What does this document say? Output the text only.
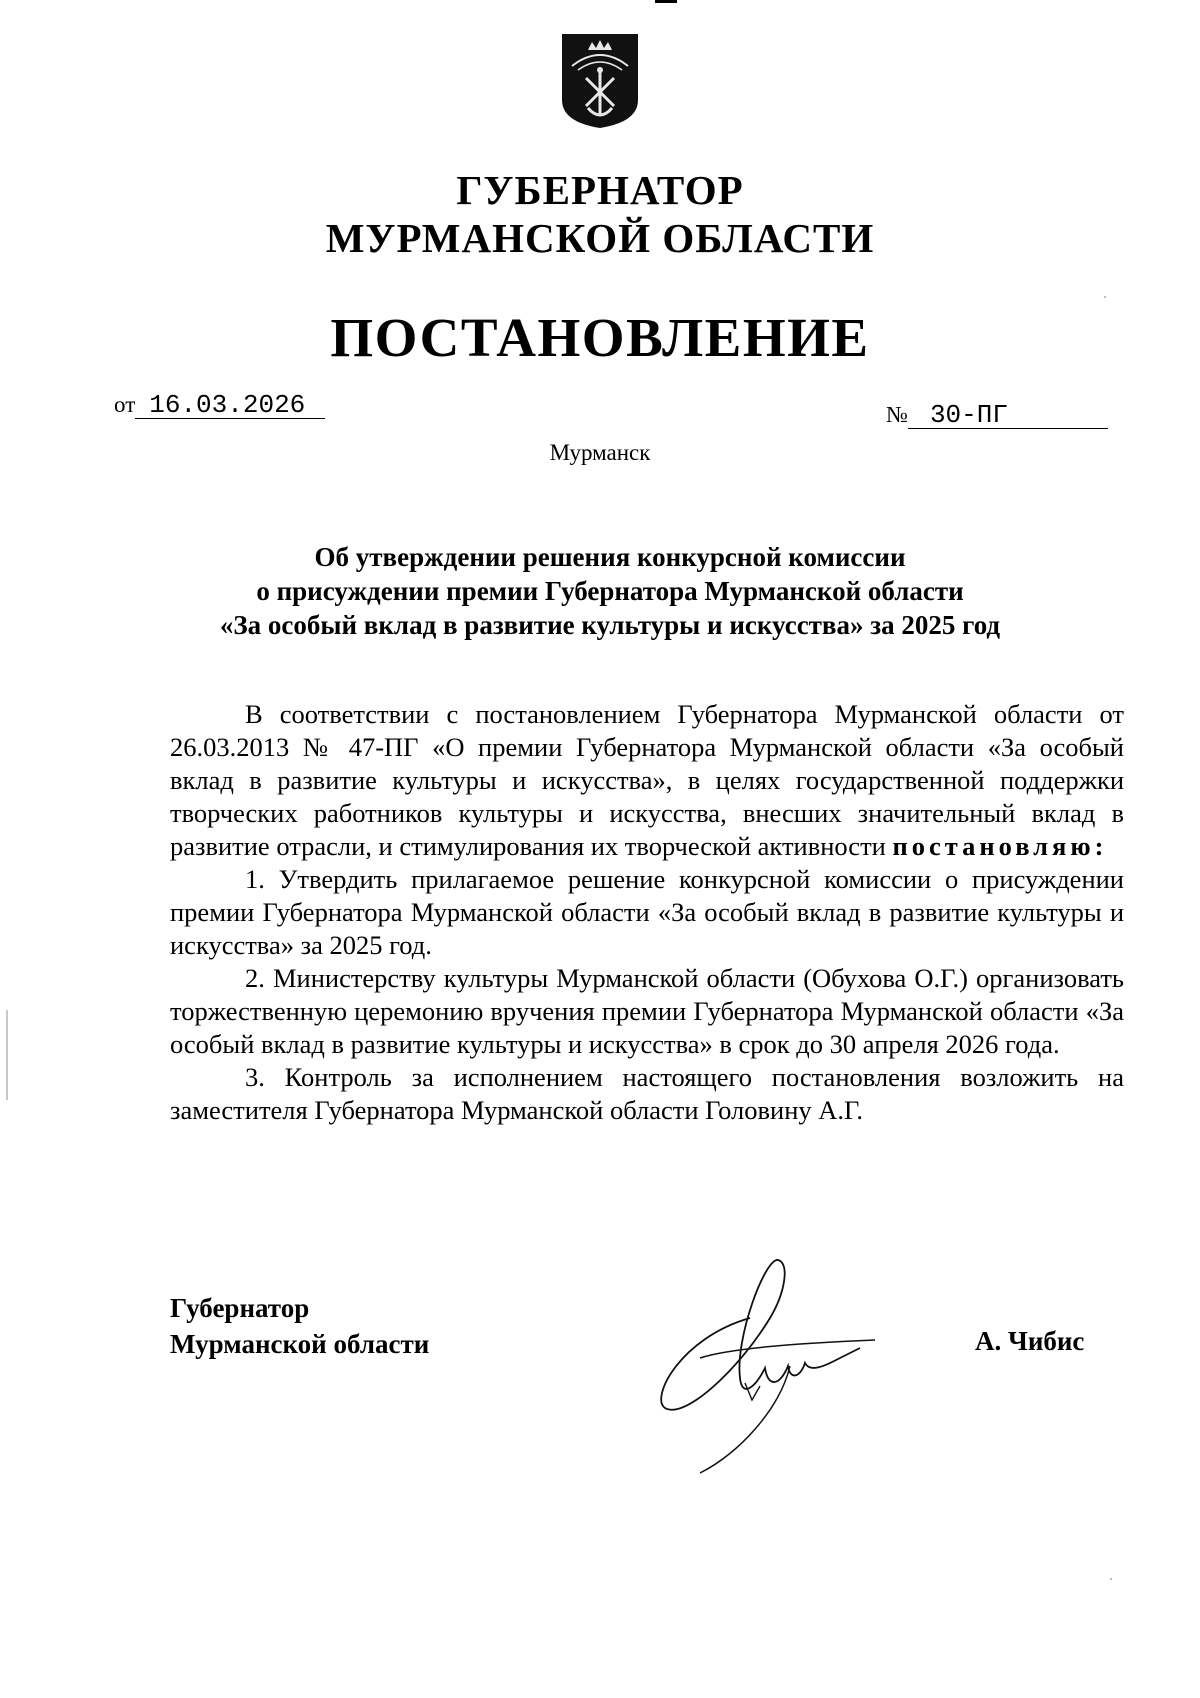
ГУБЕРНАТОР
МУРМАНСКОЙ ОБЛАСТИ
ПОСТАНОВЛЕНИЕ
от 16.03.2026	№ 30-ПГ
Мурманск
Об утверждении решения конкурсной комиссии
о присуждении премии Губернатора Мурманской области
«За особый вклад в развитие культуры и искусства» за 2025 год

В соответствии с постановлением Губернатора Мурманской области от 26.03.2013 № 47-ПГ «О премии Губернатора Мурманской области «За особый вклад в развитие культуры и искусства», в целях государственной поддержки творческих работников культуры и искусства, внесших значительный вклад в развитие отрасли, и стимулирования их творческой активности постановляю:

1. Утвердить прилагаемое решение конкурсной комиссии о присуждении премии Губернатора Мурманской области «За особый вклад в развитие культуры и искусства» за 2025 год.

2. Министерству культуры Мурманской области (Обухова О.Г.) организовать торжественную церемонию вручения премии Губернатора Мурманской области «За особый вклад в развитие культуры и искусства» в срок до 30 апреля 2026 года.

3. Контроль за исполнением настоящего постановления возложить на заместителя Губернатора Мурманской области Головину А.Г.

Губернатор
Мурманской области	А. Чибис
